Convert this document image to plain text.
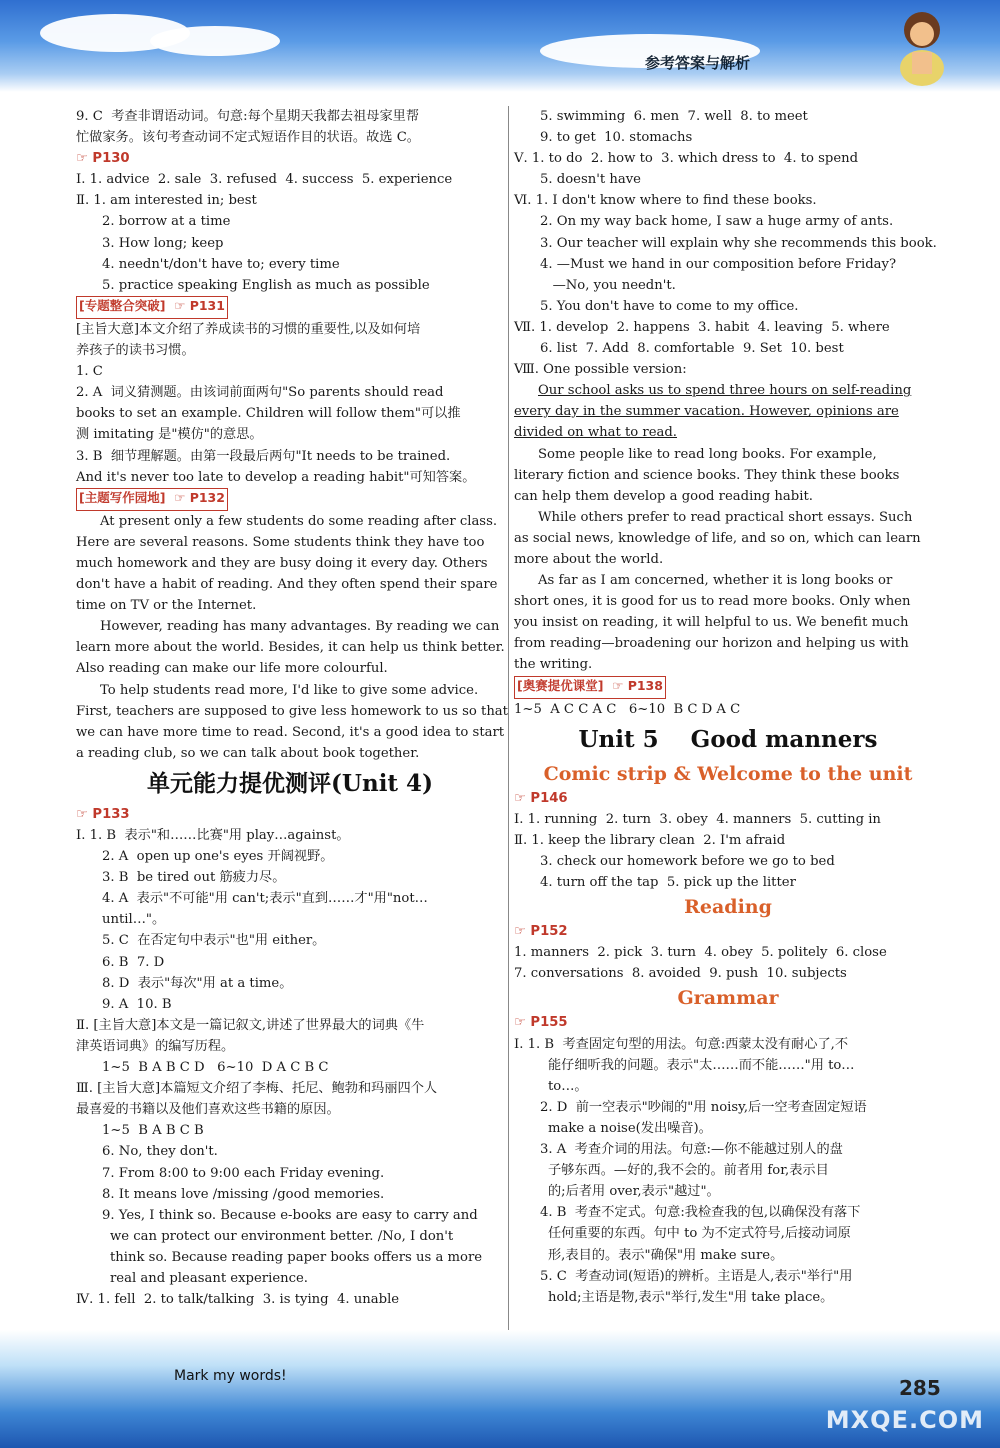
参考答案与解析
9. C  考查非谓语动词。句意:每个星期天我都去祖母家里帮
忙做家务。该句考查动词不定式短语作目的状语。故选 C。
☞ P130
Ⅰ. 1. advice  2. sale  3. refused  4. success  5. experience
Ⅱ. 1. am interested in; best
2. borrow at a time
3. How long; keep
4. needn't/don't have to; every time
5. practice speaking English as much as possible
[专题整合突破]  ☞ P131
[主旨大意]本文介绍了养成读书的习惯的重要性,以及如何培
养孩子的读书习惯。
1. C
2. A  词义猜测题。由该词前面两句"So parents should read
books to set an example. Children will follow them"可以推
测 imitating 是"模仿"的意思。
3. B  细节理解题。由第一段最后两句"It needs to be trained.
And it's never too late to develop a reading habit"可知答案。
[主题写作园地]  ☞ P132
At present only a few students do some reading after class.
Here are several reasons. Some students think they have too
much homework and they are busy doing it every day. Others
don't have a habit of reading. And they often spend their spare
time on TV or the Internet.
However, reading has many advantages. By reading we can
learn more about the world. Besides, it can help us think better.
Also reading can make our life more colourful.
To help students read more, I'd like to give some advice.
First, teachers are supposed to give less homework to us so that
we can have more time to read. Second, it's a good idea to start
a reading club, so we can talk about book together.
单元能力提优测评(Unit 4)
☞ P133
Ⅰ. 1. B  表示"和……比赛"用 play…against。
2. A  open up one's eyes 开阔视野。
3. B  be tired out 筋疲力尽。
4. A  表示"不可能"用 can't;表示"直到……才"用"not…
until…"。
5. C  在否定句中表示"也"用 either。
6. B  7. D
8. D  表示"每次"用 at a time。
9. A  10. B
Ⅱ. [主旨大意]本文是一篇记叙文,讲述了世界最大的词典《牛
津英语词典》的编写历程。
1~5  B A B C D   6~10  D A C B C
Ⅲ. [主旨大意]本篇短文介绍了李梅、托尼、鲍勃和玛丽四个人
最喜爱的书籍以及他们喜欢这些书籍的原因。
1~5  B A B C B
6. No, they don't.
7. From 8:00 to 9:00 each Friday evening.
8. It means love /missing /good memories.
9. Yes, I think so. Because e-books are easy to carry and
we can protect our environment better. /No, I don't
think so. Because reading paper books offers us a more
real and pleasant experience.
Ⅳ. 1. fell  2. to talk/talking  3. is tying  4. unable
5. swimming  6. men  7. well  8. to meet
9. to get  10. stomachs
Ⅴ. 1. to do  2. how to  3. which dress to  4. to spend
5. doesn't have
Ⅵ. 1. I don't know where to find these books.
2. On my way back home, I saw a huge army of ants.
3. Our teacher will explain why she recommends this book.
4. —Must we hand in our composition before Friday?
—No, you needn't.
5. You don't have to come to my office.
Ⅶ. 1. develop  2. happens  3. habit  4. leaving  5. where
6. list  7. Add  8. comfortable  9. Set  10. best
Ⅷ. One possible version:
Our school asks us to spend three hours on self-reading
every day in the summer vacation. However, opinions are
divided on what to read.
Some people like to read long books. For example,
literary fiction and science books. They think these books
can help them develop a good reading habit.
While others prefer to read practical short essays. Such
as social news, knowledge of life, and so on, which can learn
more about the world.
As far as I am concerned, whether it is long books or
short ones, it is good for us to read more books. Only when
you insist on reading, it will helpful to us. We benefit much
from reading—broadening our horizon and helping us with
the writing.
[奥赛提优课堂]  ☞ P138
1~5  A C C A C   6~10  B C D A C
Unit 5    Good manners
Comic strip & Welcome to the unit
☞ P146
Ⅰ. 1. running  2. turn  3. obey  4. manners  5. cutting in
Ⅱ. 1. keep the library clean  2. I'm afraid
3. check our homework before we go to bed
4. turn off the tap  5. pick up the litter
Reading
☞ P152
1. manners  2. pick  3. turn  4. obey  5. politely  6. close
7. conversations  8. avoided  9. push  10. subjects
Grammar
☞ P155
Ⅰ. 1. B  考查固定句型的用法。句意:西蒙太没有耐心了,不
能仔细听我的问题。表示"太……而不能……"用 to…
to…。
2. D  前一空表示"吵闹的"用 noisy,后一空考查固定短语
make a noise(发出噪音)。
3. A  考查介词的用法。句意:—你不能越过别人的盘
子够东西。—好的,我不会的。前者用 for,表示目
的;后者用 over,表示"越过"。
4. B  考查不定式。句意:我检查我的包,以确保没有落下
任何重要的东西。句中 to 为不定式符号,后接动词原
形,表目的。表示"确保"用 make sure。
5. C  考查动词(短语)的辨析。主语是人,表示"举行"用
hold;主语是物,表示"举行,发生"用 take place。
Mark my words!	285
MXQE.COM
